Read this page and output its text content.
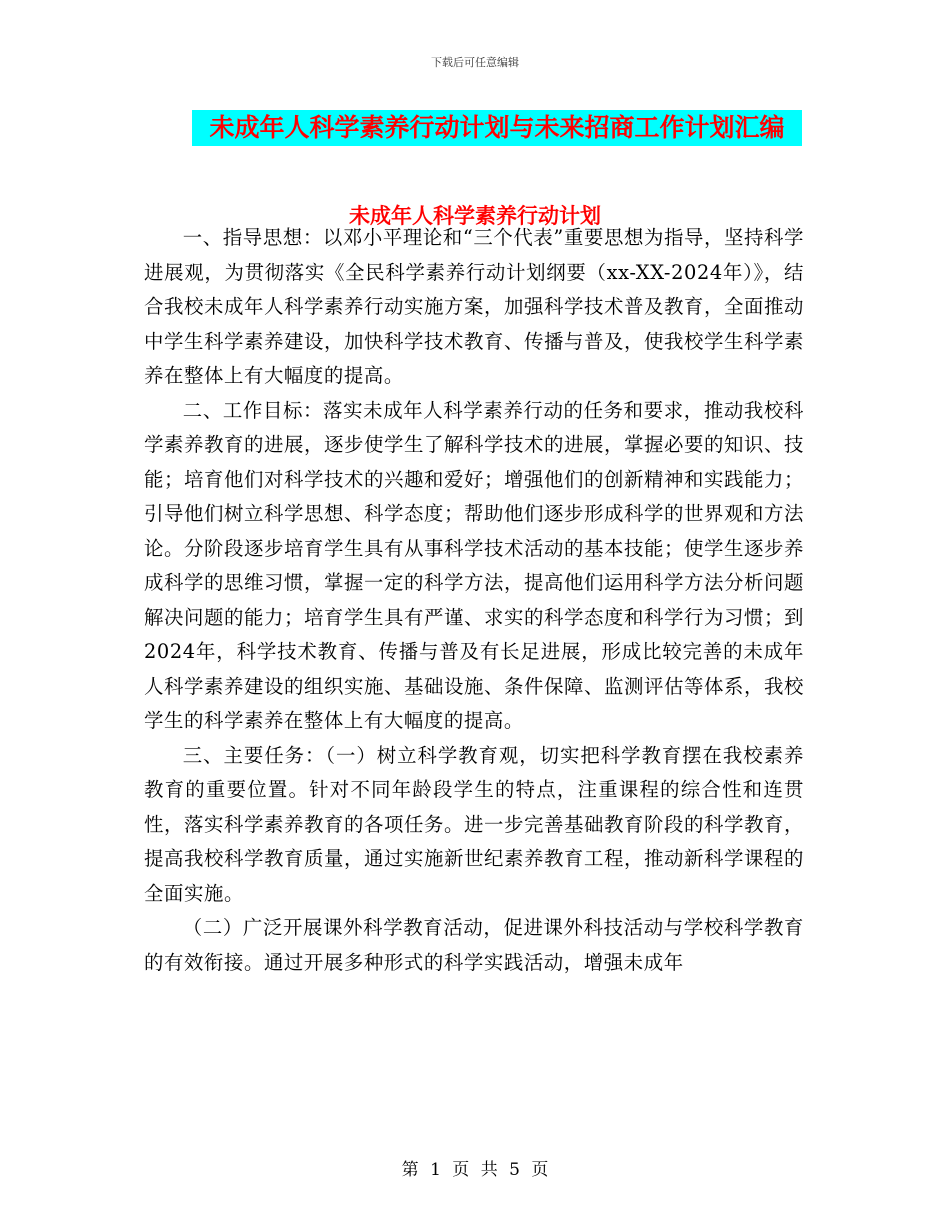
下载后可任意编辑
未成年人科学素养行动计划与未来招商工作计划汇编
未成年人科学素养行动计划

一、指导思想：以邓小平理论和“三个代表”重要思想为指导，坚持科学进展观，为贯彻落实《全民科学素养行动计划纲要（xx-XX-2024年）》，结合我校未成年人科学素养行动实施方案，加强科学技术普及教育，全面推动中学生科学素养建设，加快科学技术教育、传播与普及，使我校学生科学素养在整体上有大幅度的提高。

二、工作目标：落实未成年人科学素养行动的任务和要求，推动我校科学素养教育的进展，逐步使学生了解科学技术的进展，掌握必要的知识、技能；培育他们对科学技术的兴趣和爱好；增强他们的创新精神和实践能力；引导他们树立科学思想、科学态度；帮助他们逐步形成科学的世界观和方法论。分阶段逐步培育学生具有从事科学技术活动的基本技能；使学生逐步养成科学的思维习惯，掌握一定的科学方法，提高他们运用科学方法分析问题解决问题的能力；培育学生具有严谨、求实的科学态度和科学行为习惯；到2024年，科学技术教育、传播与普及有长足进展，形成比较完善的未成年人科学素养建设的组织实施、基础设施、条件保障、监测评估等体系，我校学生的科学素养在整体上有大幅度的提高。

三、主要任务：（一）树立科学教育观，切实把科学教育摆在我校素养教育的重要位置。针对不同年龄段学生的特点，注重课程的综合性和连贯性，落实科学素养教育的各项任务。进一步完善基础教育阶段的科学教育，提高我校科学教育质量，通过实施新世纪素养教育工程，推动新科学课程的全面实施。

（二）广泛开展课外科学教育活动，促进课外科技活动与学校科学教育的有效衔接。通过开展多种形式的科学实践活动，增强未成年

第 1 页 共 5 页
